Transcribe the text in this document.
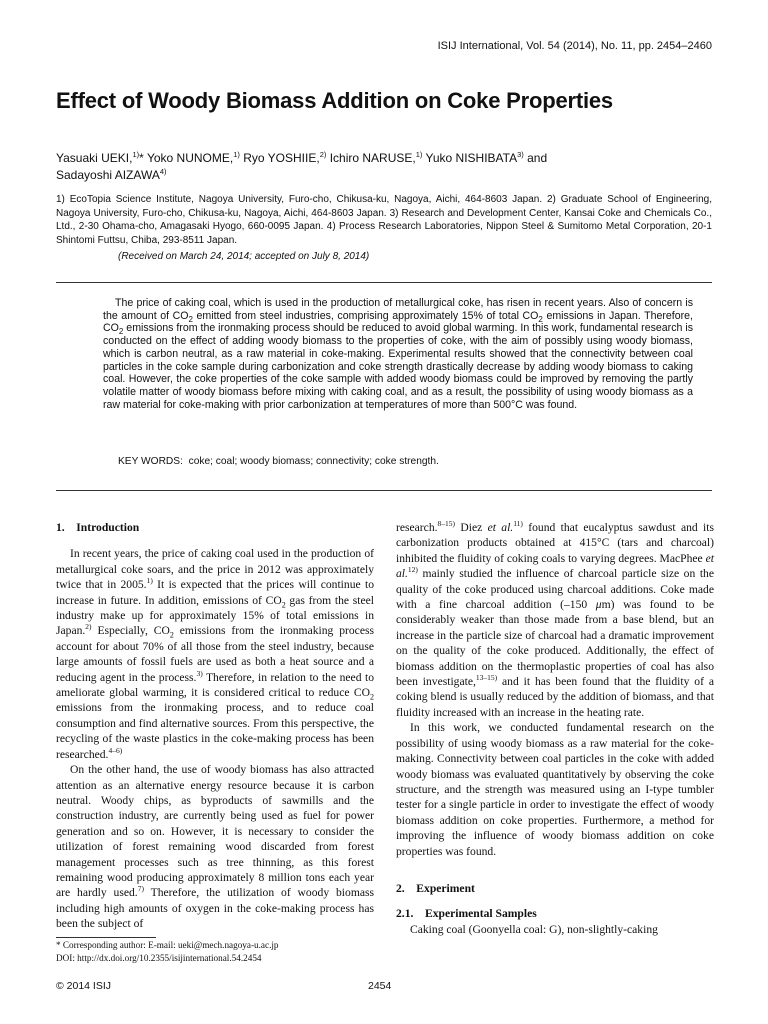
ISIJ International, Vol. 54 (2014), No. 11, pp. 2454–2460
Effect of Woody Biomass Addition on Coke Properties
Yasuaki UEKI,$^{1)}$* Yoko NUNOME,$^{1)}$ Ryo YOSHIIE,$^{2)}$ Ichiro NARUSE,$^{1)}$ Yuko NISHIBATA$^{3)}$ and
Sadayoshi AIZAWA$^{4)}$
1) EcoTopia Science Institute, Nagoya University, Furo-cho, Chikusa-ku, Nagoya, Aichi, 464-8603 Japan. 2) Graduate School of Engineering, Nagoya University, Furo-cho, Chikusa-ku, Nagoya, Aichi, 464-8603 Japan. 3) Research and Development Center, Kansai Coke and Chemicals Co., Ltd., 2-30 Ohama-cho, Amagasaki Hyogo, 660-0095 Japan. 4) Process Research Laboratories, Nippon Steel & Sumitomo Metal Corporation, 20-1 Shintomi Futtsu, Chiba, 293-8511 Japan.
(Received on March 24, 2014; accepted on July 8, 2014)

The price of caking coal, which is used in the production of metallurgical coke, has risen in recent years. Also of concern is the amount of $CO_2$ emitted from steel industries, comprising approximately 15% of total $CO_2$ emissions in Japan. Therefore, $CO_2$ emissions from the ironmaking process should be reduced to avoid global warming. In this work, fundamental research is conducted on the effect of adding woody biomass to the properties of coke, with the aim of possibly using woody biomass, which is carbon neutral, as a raw material in coke-making. Experimental results showed that the connectivity between coal particles in the coke sample during carbonization and coke strength drastically decrease by adding woody biomass to caking coal. However, the coke properties of the coke sample with added woody biomass could be improved by removing the partly volatile matter of woody biomass before mixing with caking coal, and as a result, the possibility of using woody biomass as a raw material for coke-making with prior carbonization at temperatures of more than 500°C was found.

KEY WORDS: coke; coal; woody biomass; connectivity; coke strength.
1. Introduction

In recent years, the price of caking coal used in the production of metallurgical coke soars, and the price in 2012 was approximately twice that in 2005.$^{1)}$ It is expected that the prices will continue to increase in future. In addition, emissions of $CO_2$ gas from the steel industry make up for approximately 15% of total emissions in Japan.$^{2)}$ Especially, $CO_2$ emissions from the ironmaking process account for about 70% of all those from the steel industry, because large amounts of fossil fuels are used as both a heat source and a reducing agent in the process.$^{3)}$ Therefore, in relation to the need to ameliorate global warming, it is considered critical to reduce $CO_2$ emissions from the ironmaking process, and to reduce coal consumption and find alternative sources. From this perspective, the recycling of the waste plastics in the coke-making process has been researched.$^{4-6)}$

On the other hand, the use of woody biomass has also attracted attention as an alternative energy resource because it is carbon neutral. Woody chips, as byproducts of sawmills and the construction industry, are currently being used as fuel for power generation and so on. However, it is necessary to consider the utilization of forest remaining wood discarded from forest management processes such as tree thinning, as this forest remaining wood producing approximately 8 million tons each year are hardly used.$^{7)}$ Therefore, the utilization of woody biomass including high amounts of oxygen in the coke-making process has been the subject of

research.$^{8-15)}$ Diez et al.$^{11)}$ found that eucalyptus sawdust and its carbonization products obtained at 415°C (tars and charcoal) inhibited the fluidity of coking coals to varying degrees. MacPhee et al.$^{12)}$ mainly studied the influence of charcoal particle size on the quality of the coke produced using charcoal additions. Coke made with a fine charcoal addition (–150 μm) was found to be considerably weaker than those made from a base blend, but an increase in the particle size of charcoal had a dramatic improvement on the quality of the coke produced. Additionally, the effect of biomass addition on the thermoplastic properties of coal has also been investigate,$^{13-15)}$ and it has been found that the fluidity of a coking blend is usually reduced by the addition of biomass, and that fluidity increased with an increase in the heating rate.

In this work, we conducted fundamental research on the possibility of using woody biomass as a raw material for the coke-making. Connectivity between coal particles in the coke with added woody biomass was evaluated quantitatively by observing the coke structure, and the strength was measured using an I-type tumbler tester for a single particle in order to investigate the effect of woody biomass addition on coke properties. Furthermore, a method for improving the influence of woody biomass addition on coke properties was found.

2. Experiment
2.1. Experimental Samples

Caking coal (Goonyella coal: G), non-slightly-caking

* Corresponding author: E-mail: ueki@mech.nagoya-u.ac.jp
DOI: http://dx.doi.org/10.2355/isijinternational.54.2454
© 2014 ISIJ	2454
